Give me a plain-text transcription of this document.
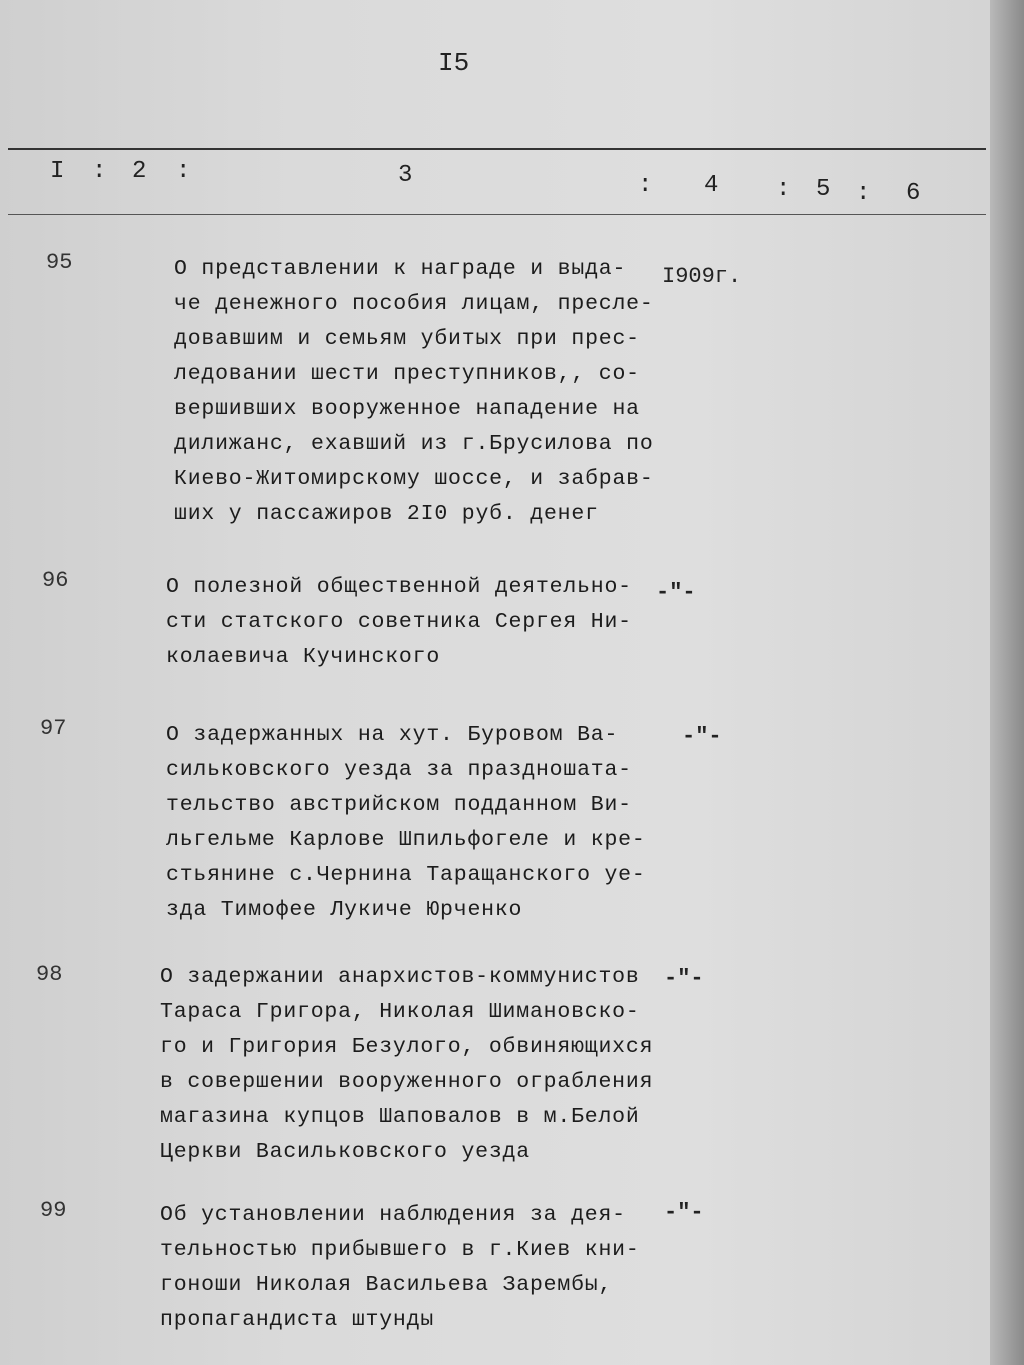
I5
I : 2 :	3	: 4 : 5 : 6
95	О представлении к награде и выда-
че денежного пособия лицам, пресле-
довавшим и семьям убитых при прес-
ледовании шести преступников,, со-
вершивших вооруженное нападение на
дилижанс, ехавший из г.Брусилова по
Киево-Житомирскому шоссе, и забрав-
ших у пассажиров 2I0 руб. денег
I909г.
96	О полезной общественной деятельно-
сти статского советника Сергея Ни-
колаевича Кучинского
-"-
97	О задержанных на хут. Буровом Ва-
сильковского уезда за праздношата-
тельство австрийском подданном Ви-
льгельме Карлове Шпильфогеле и кре-
стьянине с.Чернина Таращанского уе-
зда Тимофее Лукиче Юрченко
-"-
98	О задержании анархистов-коммунистов
Тараса Григора, Николая Шимановско-
го и Григория Безулого, обвиняющихся
в совершении вооруженного ограбления
магазина купцов Шаповалов в м.Белой
Церкви Васильковского уезда
-"-
99	Об установлении наблюдения за дея-
тельностью прибывшего в г.Киев кни-
гоноши Николая Васильева Зарембы,
пропагандиста штунды
-"-
